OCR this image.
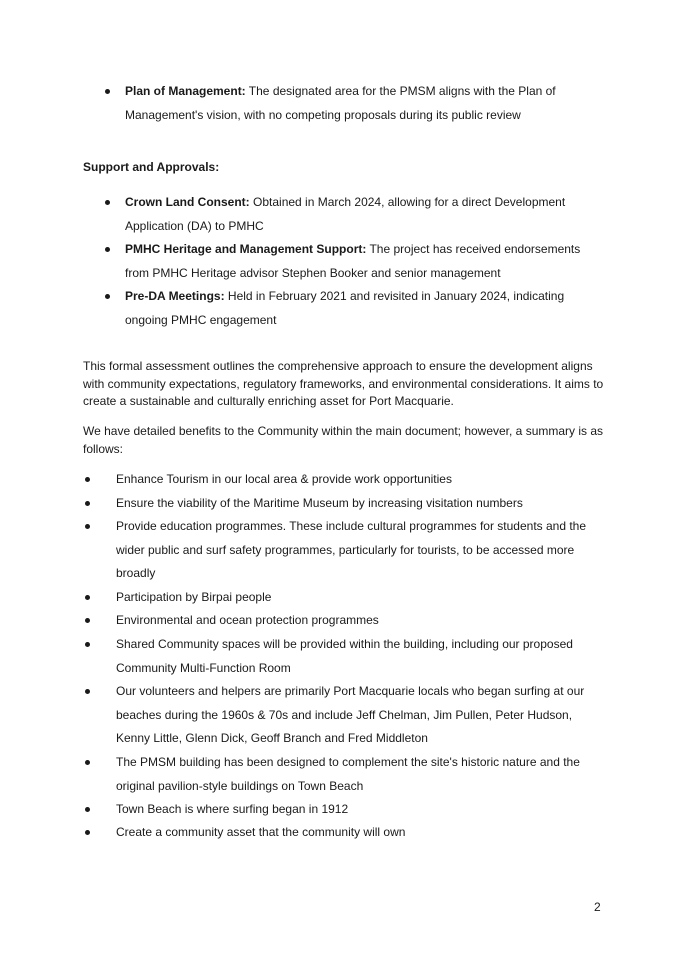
Plan of Management: The designated area for the PMSM aligns with the Plan of Management's vision, with no competing proposals during its public review
Support and Approvals:
Crown Land Consent: Obtained in March 2024, allowing for a direct Development Application (DA) to PMHC
PMHC Heritage and Management Support: The project has received endorsements from PMHC Heritage advisor Stephen Booker and senior management
Pre-DA Meetings: Held in February 2021 and revisited in January 2024, indicating ongoing PMHC engagement
This formal assessment outlines the comprehensive approach to ensure the development aligns with community expectations, regulatory frameworks, and environmental considerations. It aims to create a sustainable and culturally enriching asset for Port Macquarie.
We have detailed benefits to the Community within the main document; however, a summary is as follows:
Enhance Tourism in our local area & provide work opportunities
Ensure the viability of the Maritime Museum by increasing visitation numbers
Provide education programmes. These include cultural programmes for students and the wider public and surf safety programmes, particularly for tourists, to be accessed more broadly
Participation by Birpai people
Environmental and ocean protection programmes
Shared Community spaces will be provided within the building, including our proposed Community Multi-Function Room
Our volunteers and helpers are primarily Port Macquarie locals who began surfing at our beaches during the 1960s & 70s and include Jeff Chelman, Jim Pullen, Peter Hudson, Kenny Little, Glenn Dick, Geoff Branch and Fred Middleton
The PMSM building has been designed to complement the site's historic nature and the original pavilion-style buildings on Town Beach
Town Beach is where surfing began in 1912
Create a community asset that the community will own
2
